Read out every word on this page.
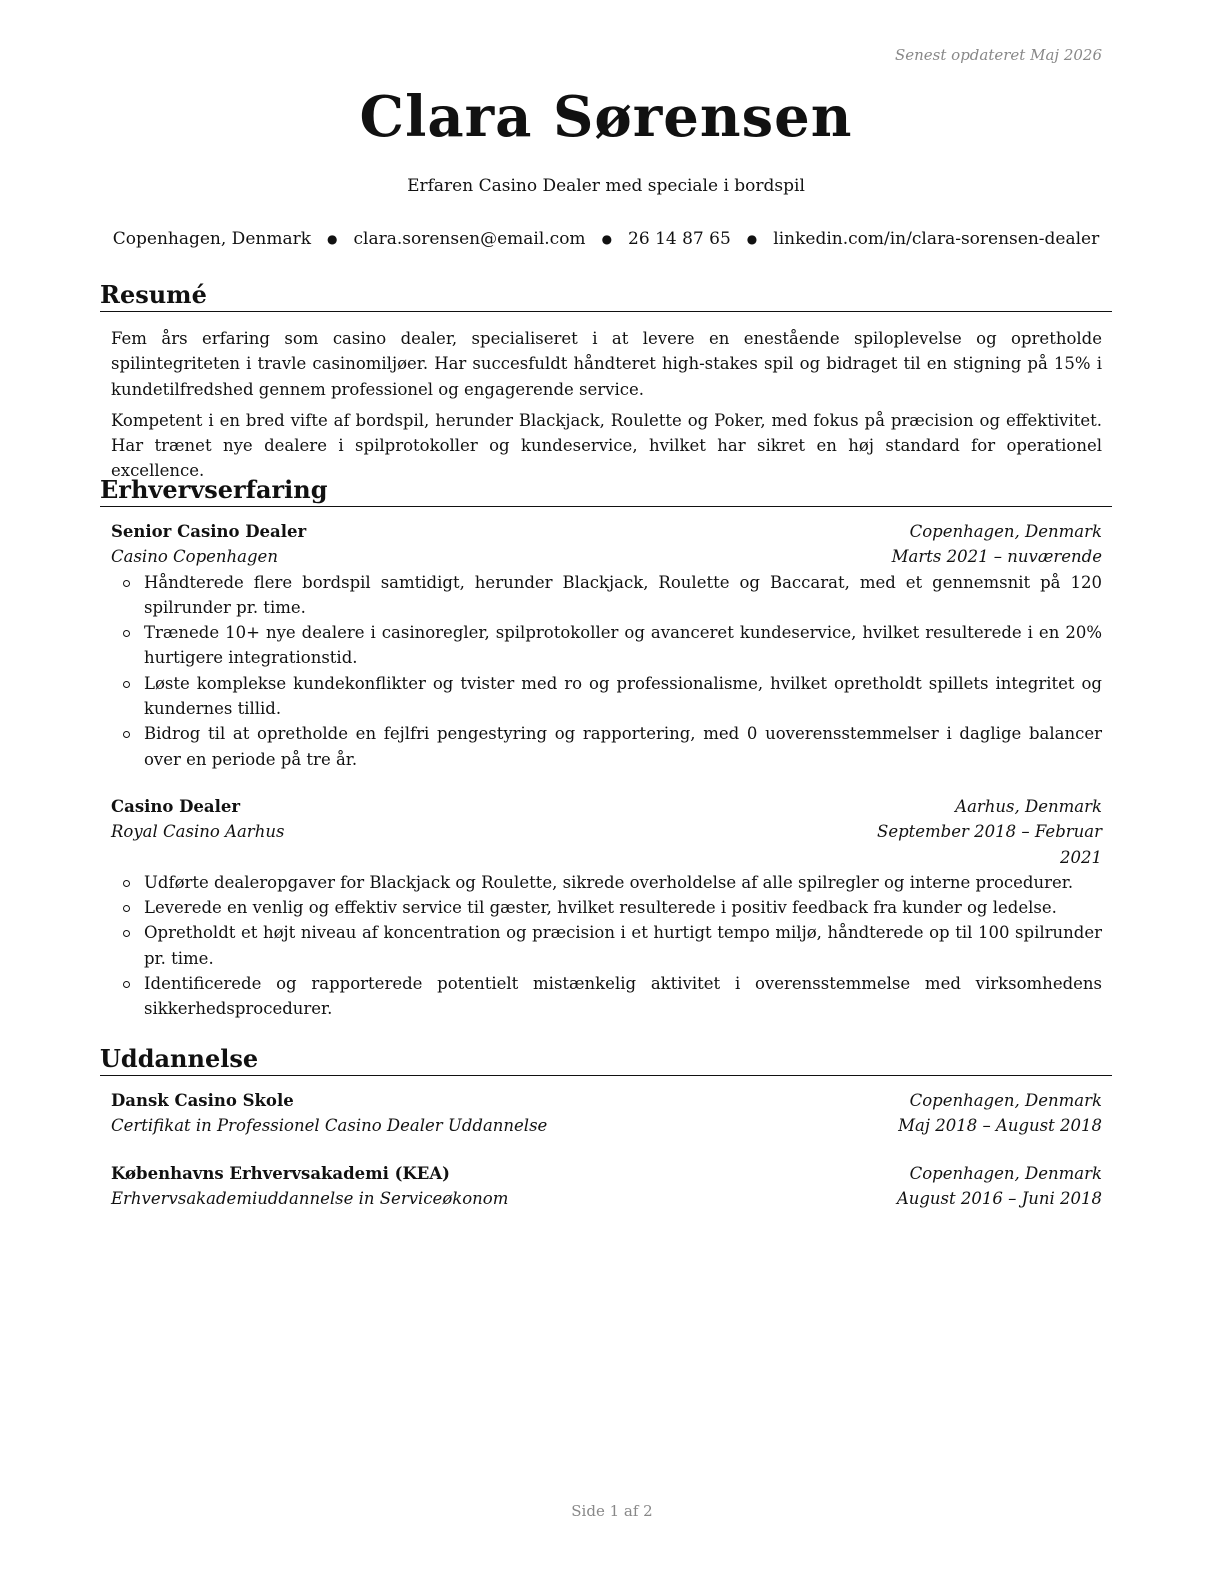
Senest opdateret Maj 2026
Clara Sørensen
Erfaren Casino Dealer med speciale i bordspil
Copenhagen, Denmark ● clara.sorensen@email.com ● 26 14 87 65 ● linkedin.com/in/clara-sorensen-dealer
Resumé

Fem års erfaring som casino dealer, specialiseret i at levere en enestående spiloplevelse og opretholde spilintegriteten i travle casinomiljøer. Har succesfuldt håndteret high-stakes spil og bidraget til en stigning på 15% i kundetilfredshed gennem professionel og engagerende service.

Kompetent i en bred vifte af bordspil, herunder Blackjack, Roulette og Poker, med fokus på præcision og effektivitet. Har trænet nye dealere i spilprotokoller og kundeservice, hvilket har sikret en høj standard for operationel excellence.

Erhvervserfaring
Senior Casino Dealer	Copenhagen, Denmark
Casino Copenhagen	Marts 2021 – nuværende
Håndterede flere bordspil samtidigt, herunder Blackjack, Roulette og Baccarat, med et gennemsnit på 120 spilrunder pr. time.
Trænede 10+ nye dealere i casinoregler, spilprotokoller og avanceret kundeservice, hvilket resulterede i en 20% hurtigere integrationstid.
Løste komplekse kundekonflikter og tvister med ro og professionalisme, hvilket opretholdt spillets integritet og kundernes tillid.
Bidrog til at opretholde en fejlfri pengestyring og rapportering, med 0 uoverensstemmelser i daglige balancer over en periode på tre år.
Casino Dealer	Aarhus, Denmark
Royal Casino Aarhus	September 2018 – Februar 2021
Udførte dealeropgaver for Blackjack og Roulette, sikrede overholdelse af alle spilregler og interne procedurer.
Leverede en venlig og effektiv service til gæster, hvilket resulterede i positiv feedback fra kunder og ledelse.
Opretholdt et højt niveau af koncentration og præcision i et hurtigt tempo miljø, håndterede op til 100 spilrunder pr. time.
Identificerede og rapporterede potentielt mistænkelig aktivitet i overensstemmelse med virksomhedens sikkerhedsprocedurer.
Uddannelse
Dansk Casino Skole	Copenhagen, Denmark
Certifikat in Professionel Casino Dealer Uddannelse	Maj 2018 – August 2018
Københavns Erhvervsakademi (KEA)	Copenhagen, Denmark
Erhvervsakademiuddannelse in Serviceøkonom	August 2016 – Juni 2018
Side 1 af 2
